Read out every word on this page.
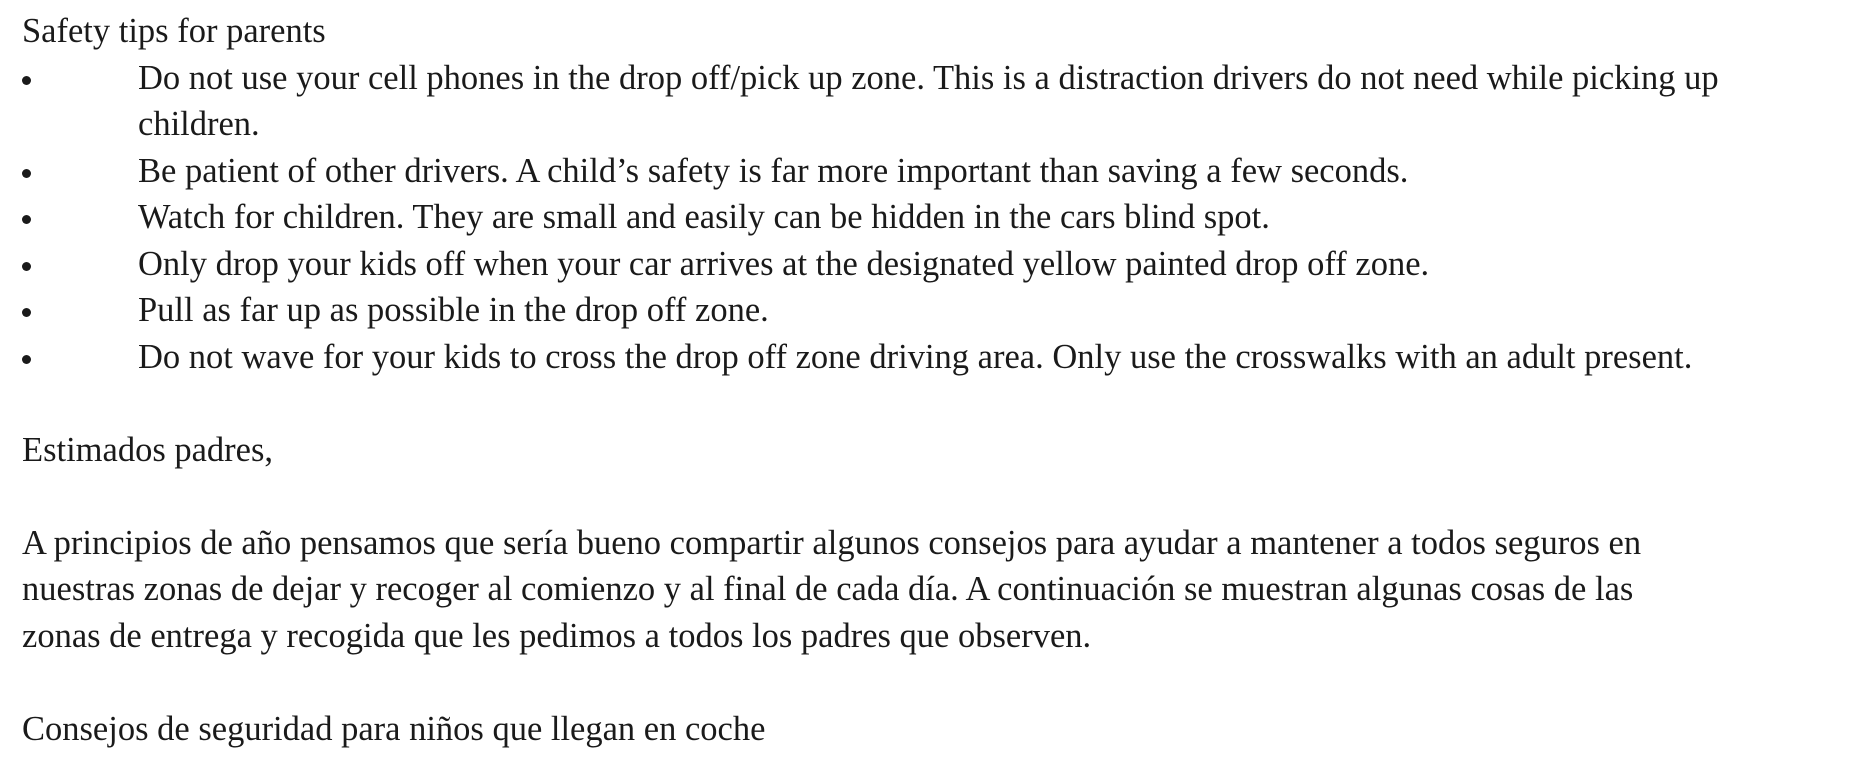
Safety tips for parents

Do not use your cell phones in the drop off/pick up zone. This is a distraction drivers do not need while picking up children.
Be patient of other drivers. A child’s safety is far more important than saving a few seconds.
Watch for children. They are small and easily can be hidden in the cars blind spot.
Only drop your kids off when your car arrives at the designated yellow painted drop off zone.
Pull as far up as possible in the drop off zone.
Do not wave for your kids to cross the drop off zone driving area. Only use the crosswalks with an adult present.

Estimados padres,

A principios de año pensamos que sería bueno compartir algunos consejos para ayudar a mantener a todos seguros en nuestras zonas de dejar y recoger al comienzo y al final de cada día. A continuación se muestran algunas cosas de las zonas de entrega y recogida que les pedimos a todos los padres que observen.

Consejos de seguridad para niños que llegan en coche
